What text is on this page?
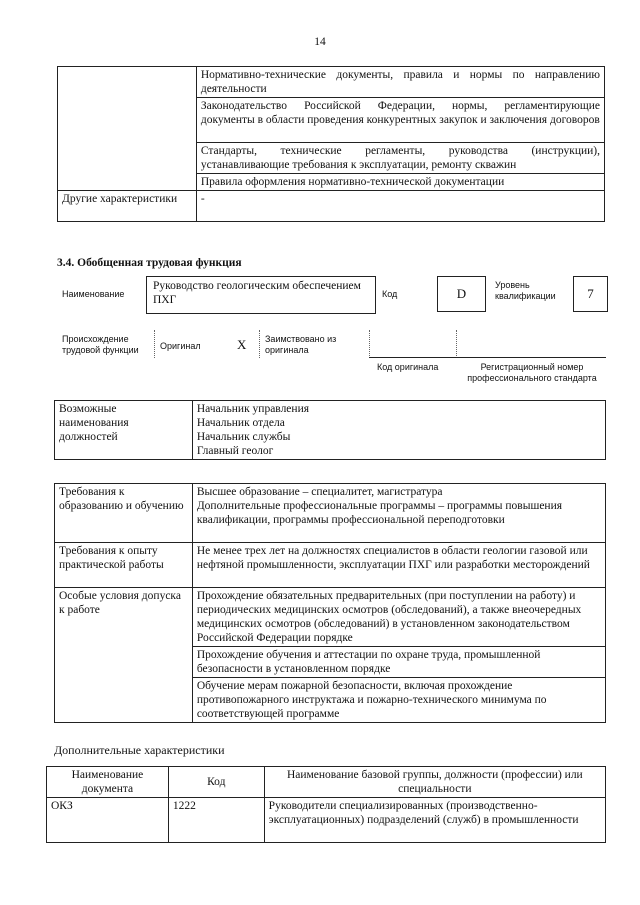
14
	Нормативно-технические документы, правила и нормы по направлению деятельности
	Законодательство Российской Федерации, нормы, регламентирующие документы в области проведения конкурентных закупок и заключения договоров
	Стандарты, технические регламенты, руководства (инструкции), устанавливающие требования к эксплуатации, ремонту скважин
	Правила оформления нормативно-технической документации
Другие характеристики	-
3.4. Обобщенная трудовая функция
Наименование
Руководство геологическим обеспечением ПХГ	Код	D
Уровень квалификации	7
Происхождение трудовой функции	Оригинал	X Заимствовано из оригинала
Код оригинала	Регистрационный номер профессионального стандарта
Возможные наименования должностей	
Начальник управления
Начальник отдела
Начальник службы
Главный геолог
Требования к образованию и обучению	Высшее образование – специалитет, магистратура
Дополнительные профессиональные программы – программы повышения квалификации, программы профессиональной переподготовки

Требования к опыту практической работы	Не менее трех лет на должностях специалистов в области геологии газовой или нефтяной промышленности, эксплуатации ПХГ или разработки месторождений
Особые условия допуска к работе	Прохождение обязательных предварительных (при поступлении на работу) и периодических медицинских осмотров (обследований), а также внеочередных медицинских осмотров (обследований) в установленном законодательством Российской Федерации порядке
	Прохождение обучения и аттестации по охране труда, промышленной безопасности в установленном порядке
	Обучение мерам пожарной безопасности, включая прохождение противопожарного инструктажа и пожарно-технического минимума по соответствующей программе
Дополнительные характеристики
Наименование документа	Код	Наименование базовой группы, должности (профессии) или специальности
ОКЗ	1222	Руководители специализированных (производственно-эксплуатационных) подразделений (служб) в промышленности
